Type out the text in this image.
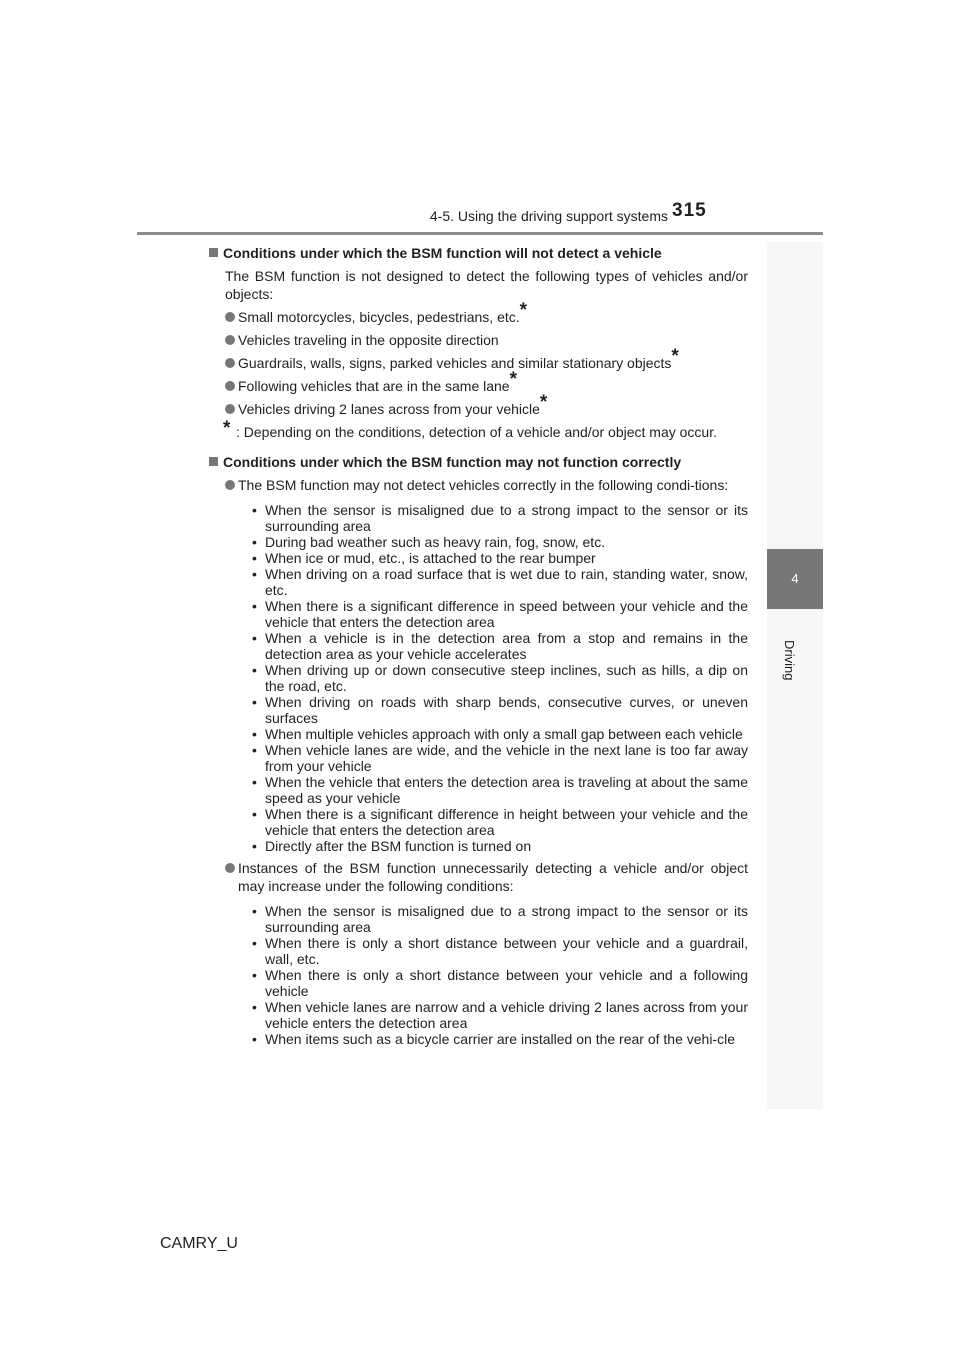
4-5. Using the driving support systems 315
4
Driving
Conditions under which the BSM function will not detect a vehicle
The BSM function is not designed to detect the following types of vehicles and/or objects:
Small motorcycles, bicycles, pedestrians, etc.*
Vehicles traveling in the opposite direction
Guardrails, walls, signs, parked vehicles and similar stationary objects*
Following vehicles that are in the same lane*
Vehicles driving 2 lanes across from your vehicle*
* : Depending on the conditions, detection of a vehicle and/or object may occur.
Conditions under which the BSM function may not function correctly
The BSM function may not detect vehicles correctly in the following condi-tions:
• When the sensor is misaligned due to a strong impact to the sensor or its surrounding area
• During bad weather such as heavy rain, fog, snow, etc.
• When ice or mud, etc., is attached to the rear bumper
• When driving on a road surface that is wet due to rain, standing water, snow, etc.
• When there is a significant difference in speed between your vehicle and the vehicle that enters the detection area
• When a vehicle is in the detection area from a stop and remains in the detection area as your vehicle accelerates
• When driving up or down consecutive steep inclines, such as hills, a dip on the road, etc.
• When driving on roads with sharp bends, consecutive curves, or uneven surfaces
• When multiple vehicles approach with only a small gap between each vehicle
• When vehicle lanes are wide, and the vehicle in the next lane is too far away from your vehicle
• When the vehicle that enters the detection area is traveling at about the same speed as your vehicle
• When there is a significant difference in height between your vehicle and the vehicle that enters the detection area
• Directly after the BSM function is turned on
Instances of the BSM function unnecessarily detecting a vehicle and/or object may increase under the following conditions:
• When the sensor is misaligned due to a strong impact to the sensor or its surrounding area
• When there is only a short distance between your vehicle and a guardrail, wall, etc.
• When there is only a short distance between your vehicle and a following vehicle
• When vehicle lanes are narrow and a vehicle driving 2 lanes across from your vehicle enters the detection area
• When items such as a bicycle carrier are installed on the rear of the vehi-cle
CAMRY_U
